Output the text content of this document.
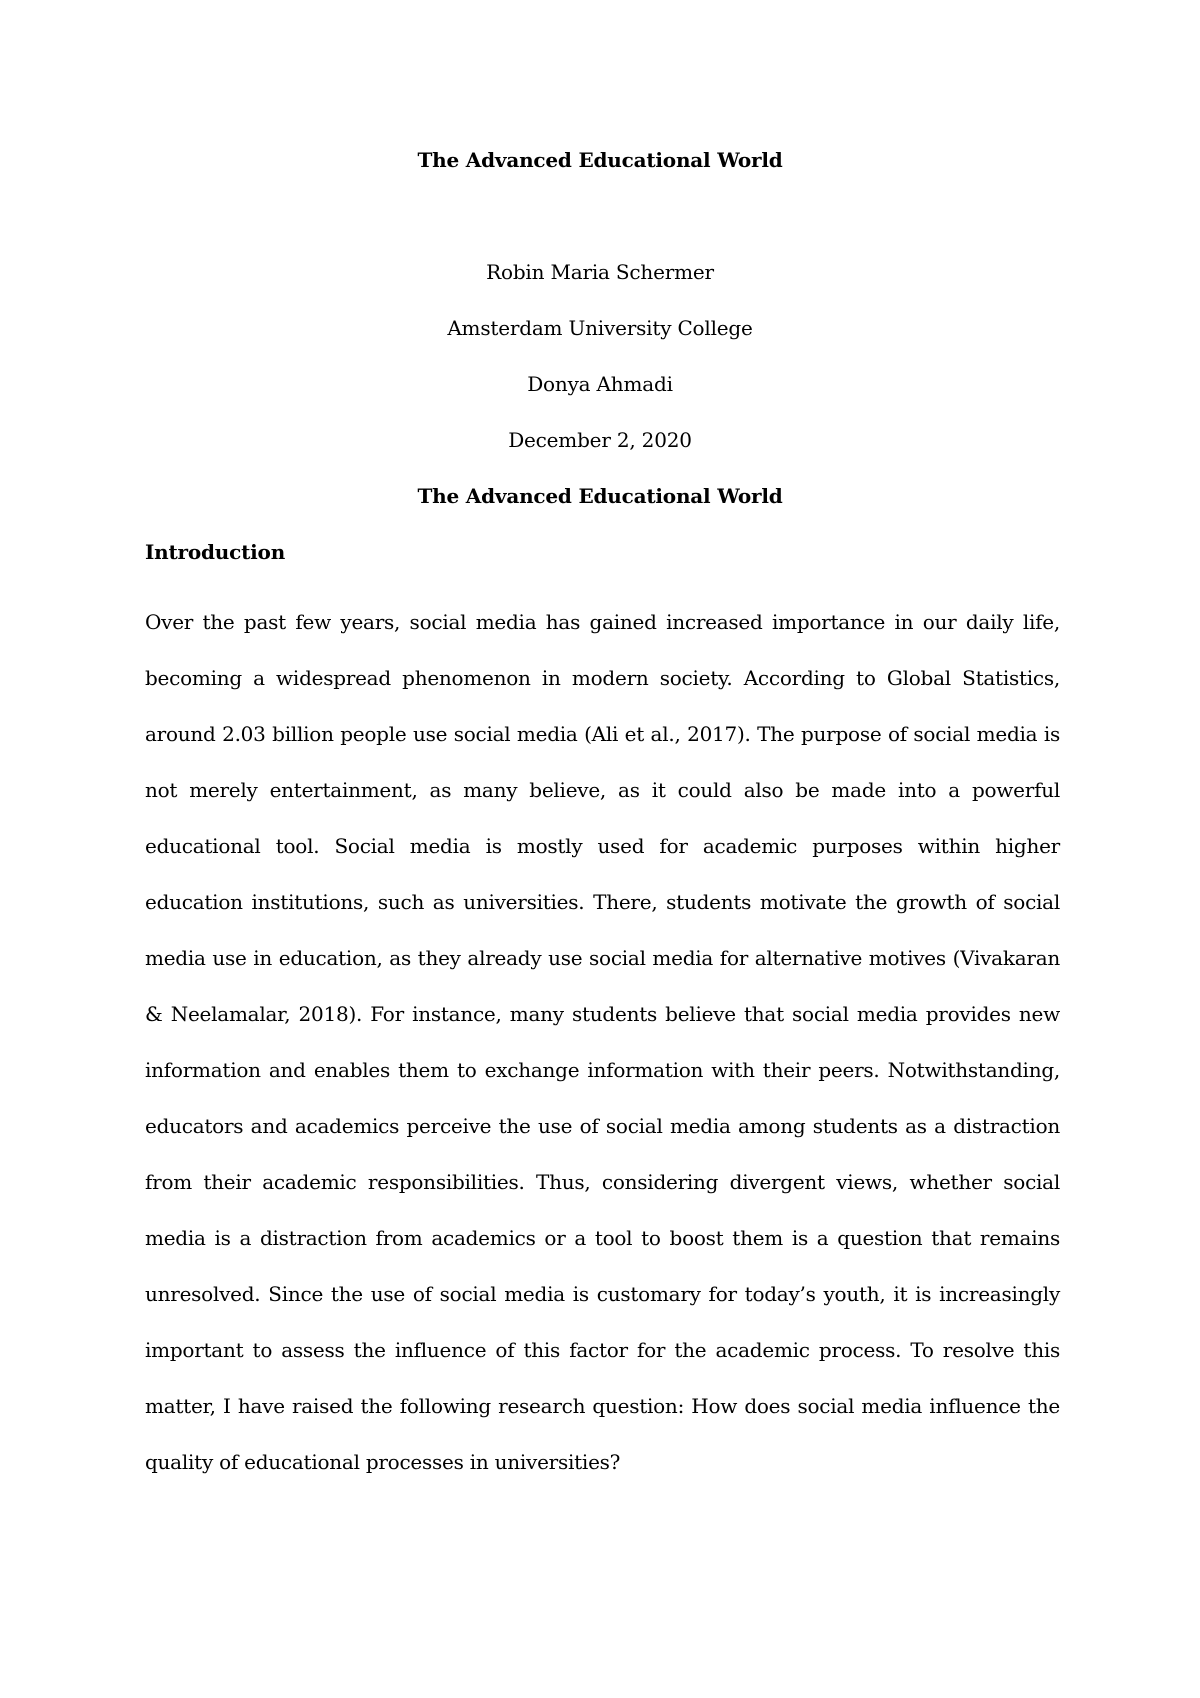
The Advanced Educational World
Robin Maria Schermer
Amsterdam University College
Donya Ahmadi
December 2, 2020
The Advanced Educational World
Introduction

Over the past few years, social media has gained increased importance in our daily life, becoming a widespread phenomenon in modern society. According to Global Statistics, around 2.03 billion people use social media (Ali et al., 2017). The purpose of social media is not merely entertainment, as many believe, as it could also be made into a powerful educational tool. Social media is mostly used for academic purposes within higher education institutions, such as universities. There, students motivate the growth of social media use in education, as they already use social media for alternative motives (Vivakaran & Neelamalar, 2018). For instance, many students believe that social media provides new information and enables them to exchange information with their peers. Notwithstanding, educators and academics perceive the use of social media among students as a distraction from their academic responsibilities. Thus, considering divergent views, whether social media is a distraction from academics or a tool to boost them is a question that remains unresolved. Since the use of social media is customary for today’s youth, it is increasingly important to assess the influence of this factor for the academic process. To resolve this matter, I have raised the following research question: How does social media influence the quality of educational processes in universities?
